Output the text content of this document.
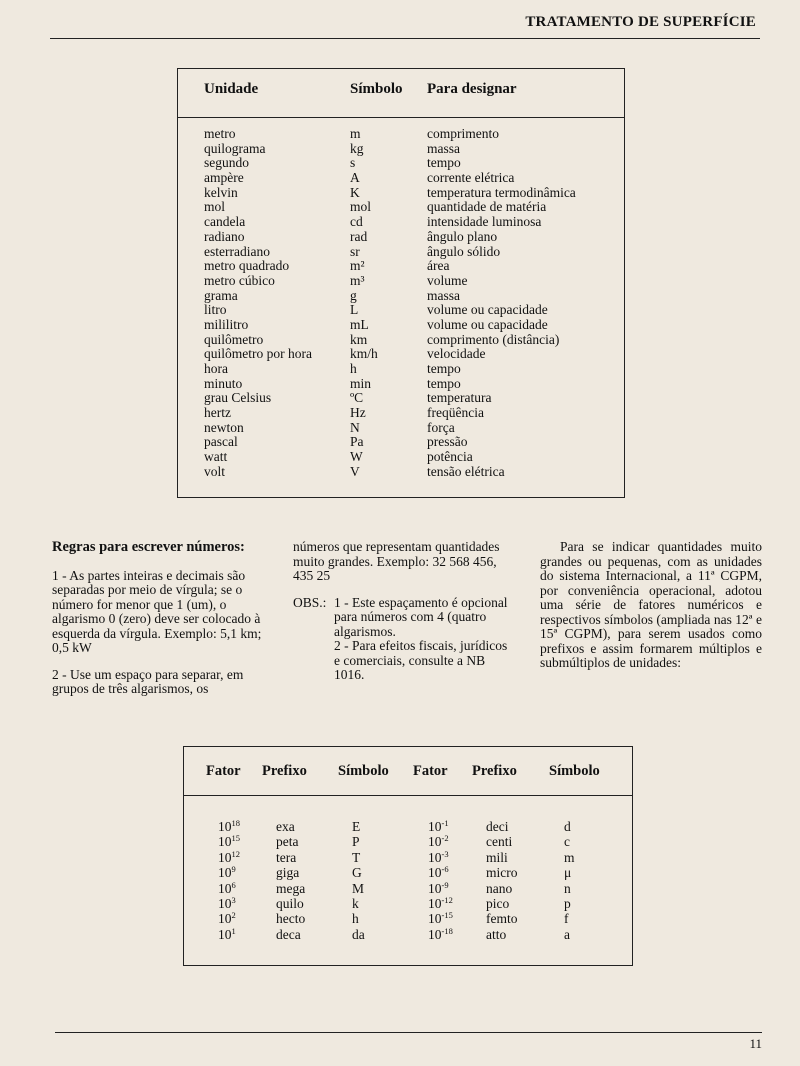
TRATAMENTO DE SUPERFÍCIE
Unidade	Símbolo Para designar
metro	m	comprimento
quilograma	kg	massa
segundo	s	tempo
ampère	A	corrente elétrica
kelvin	K	temperatura termodinâmica
mol	mol	quantidade de matéria
candela	cd	intensidade luminosa
radiano	rad	ângulo plano
esterradiano	sr	ângulo sólido
metro quadrado	m²	área
metro cúbico	m³	volume
grama	g	massa
litro	L	volume ou capacidade
mililitro	mL	volume ou capacidade
quilômetro	km	comprimento (distância)
quilômetro por hora	km/h	velocidade
hora	h	tempo
minuto	min	tempo
grau Celsius	ºC	temperatura
hertz	Hz	freqüência
newton	N	força
pascal	Pa	pressão
watt	W	potência
volt	V	tensão elétrica
Regras para escrever números:

1 - As partes inteiras e decimais são separadas por meio de vírgula; se o número for menor que 1 (um), o algarismo 0 (zero) deve ser colocado à esquerda da vírgula. Exemplo: 5,1 km; 0,5 kW

2 - Use um espaço para separar, em grupos de três algarismos, os

números que representam quantidades muito grandes. Exemplo: 32 568 456, 435 25

OBS.: 1 - Este espaçamento é opcional para números com 4 (quatro algarismos.
2 - Para efeitos fiscais, jurídicos e comerciais, consulte a NB 1016.

Para se indicar quantidades muito grandes ou pequenas, com as unidades do sistema Internacional, a 11ª CGPM, por conveniência operacional, adotou uma série de fatores numéricos e respectivos símbolos (ampliada nas 12ª e 15ª CGPM), para serem usados como prefixos e assim formarem múltiplos e submúltiplos de unidades:

Fator Prefixo Símbolo Fator Prefixo Símbolo
$10^{18}$	exa	E	$10^{-1}$	deci	d
$10^{15}$	peta	P	$10^{-2}$	centi	c
$10^{12}$	tera	T	$10^{-3}$	mili	m
$10^9$	giga	G	$10^{-6}$	micro	μ
$10^6$	mega	M	$10^{-9}$	nano	n
$10^3$	quilo	k	$10^{-12}$ pico	p
$10^2$	hecto	h	$10^{-15}$ femto	f
$10^1$	deca	da	$10^{-18}$ atto	a
11
